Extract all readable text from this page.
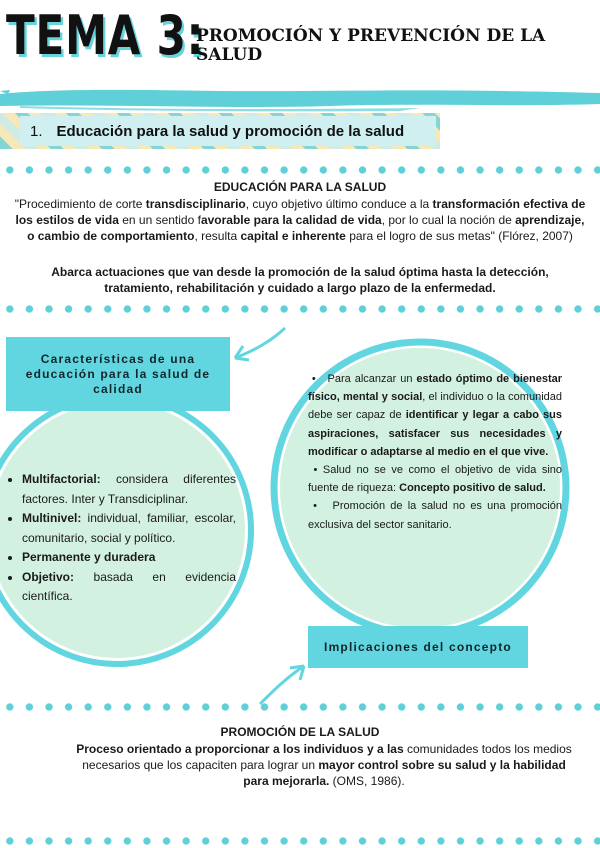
TEMA 3:
PROMOCIÓN Y PREVENCIÓN DE LA SALUD
1. Educación para la salud y promoción de la salud
EDUCACIÓN PARA LA SALUD
"Procedimiento de corte transdisciplinario, cuyo objetivo último conduce a la transformación efectiva de los estilos de vida en un sentido favorable para la calidad de vida, por lo cual la noción de aprendizaje, o cambio de comportamiento, resulta capital e inherente para el logro de sus metas" (Flórez, 2007)
Abarca actuaciones que van desde la promoción de la salud óptima hasta la detección, tratamiento, rehabilitación y cuidado a largo plazo de la enfermedad.
Características de una educación para la salud de calidad
• Multifactorial: considera diferentes factores. Inter y Transdiciplinar.
• Multinivel: individual, familiar, escolar, comunitario, social y político.
• Permanente y duradera
• Objetivo: basada en evidencia científica.
•   Para alcanzar un estado óptimo de bienestar físico, mental y social, el individuo o la comunidad debe ser capaz de identificar y legar a cabo sus aspiraciones, satisfacer sus necesidades y modificar o adaptarse al medio en el que vive.
• Salud no se ve como el objetivo de vida sino fuente de riqueza: Concepto positivo de salud.
•   Promoción de la salud no es una promoción exclusiva del sector sanitario.
Implicaciones del concepto
PROMOCIÓN DE LA SALUD
Proceso orientado a proporcionar a los individuos y a las comunidades todos los medios necesarios que los capaciten para lograr un mayor control sobre su salud y la habilidad para mejorarla. (OMS, 1986).
